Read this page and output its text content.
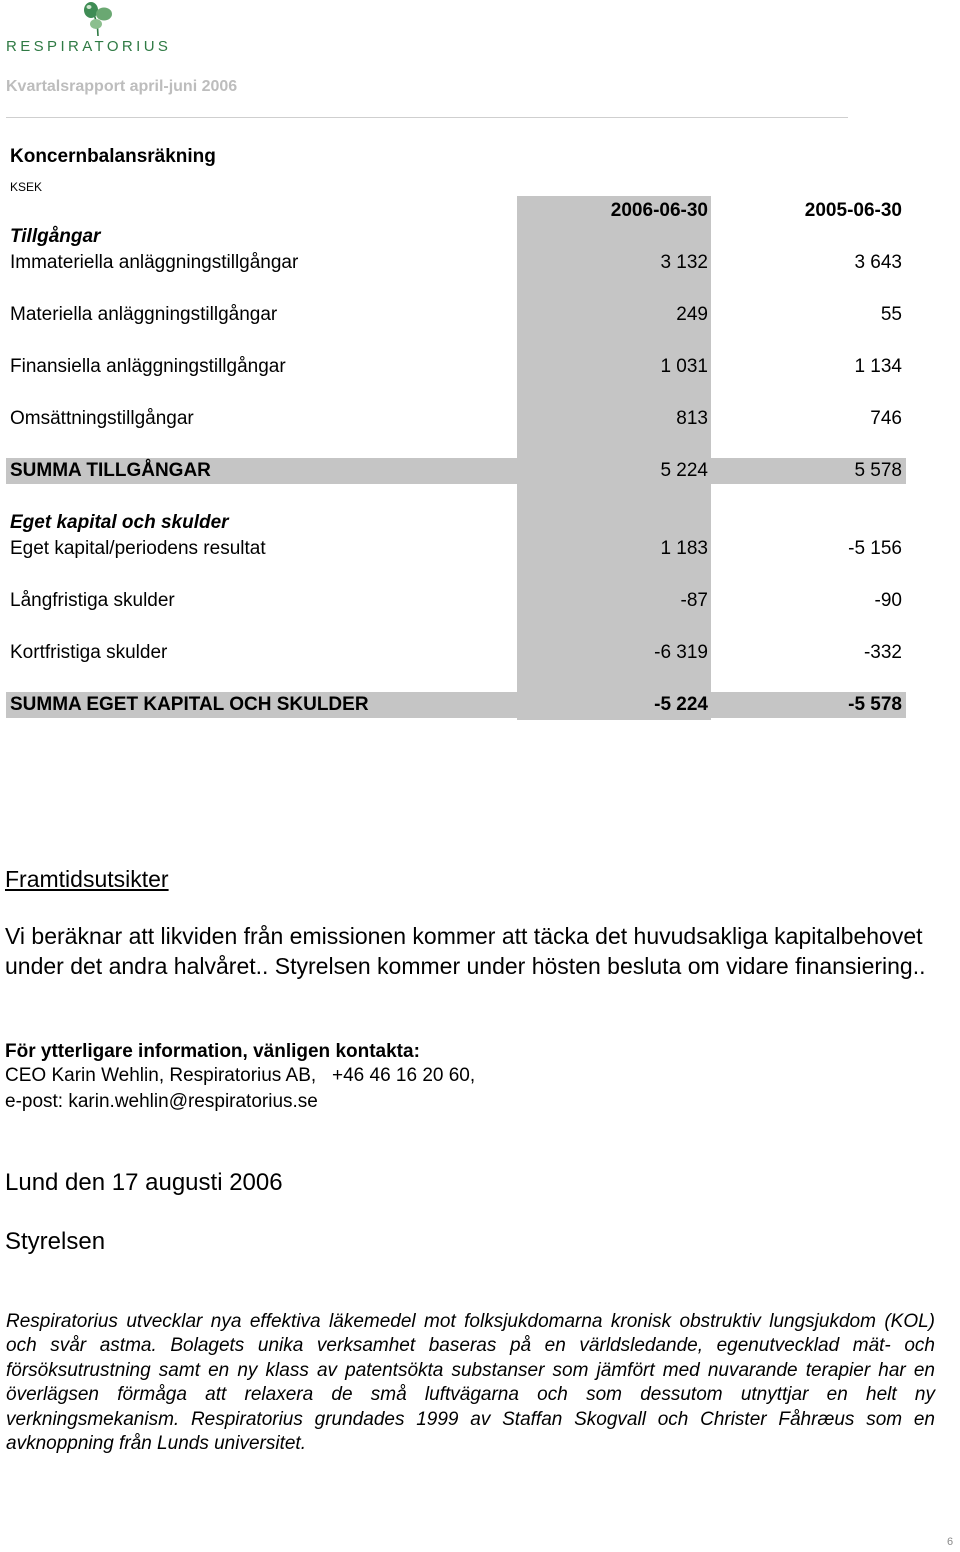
RESPIRATORIUS
Kvartalsrapport april-juni 2006
Koncernbalansräkning
KSEK
2006-06-30	2005-06-30
Tillgångar
Immateriella anläggningstillgångar	3 132	3 643
Materiella anläggningstillgångar	249	55
Finansiella anläggningstillgångar	1 031	1 134
Omsättningstillgångar	813	746
SUMMA TILLGÅNGAR	5 224	5 578
Eget kapital och skulder
Eget kapital/periodens resultat	1 183	-5 156
Långfristiga skulder	-87	-90
Kortfristiga skulder	-6 319	-332
SUMMA EGET KAPITAL OCH SKULDER	-5 224	-5 578
Framtidsutsikter
Vi beräknar att likviden från emissionen kommer att täcka det huvudsakliga kapitalbehovet under det andra halvåret.. Styrelsen kommer under hösten besluta om vidare finansiering..
För ytterligare information, vänligen kontakta:
CEO Karin Wehlin, Respiratorius AB,   +46 46 16 20 60,
e-post: karin.wehlin@respiratorius.se
Lund den 17 augusti 2006
Styrelsen
Respiratorius utvecklar nya effektiva läkemedel mot folksjukdomarna kronisk obstruktiv lungsjukdom (KOL) och svår astma. Bolagets unika verksamhet baseras på en världsledande, egenutvecklad mät- och försöksutrustning samt en ny klass av patentsökta substanser som jämfört med nuvarande terapier har en överlägsen förmåga att relaxera de små luftvägarna och som dessutom utnyttjar en helt ny verkningsmekanism. Respiratorius grundades 1999 av Staffan Skogvall och Christer Fåhræus som en avknoppning från Lunds universitet.
6
